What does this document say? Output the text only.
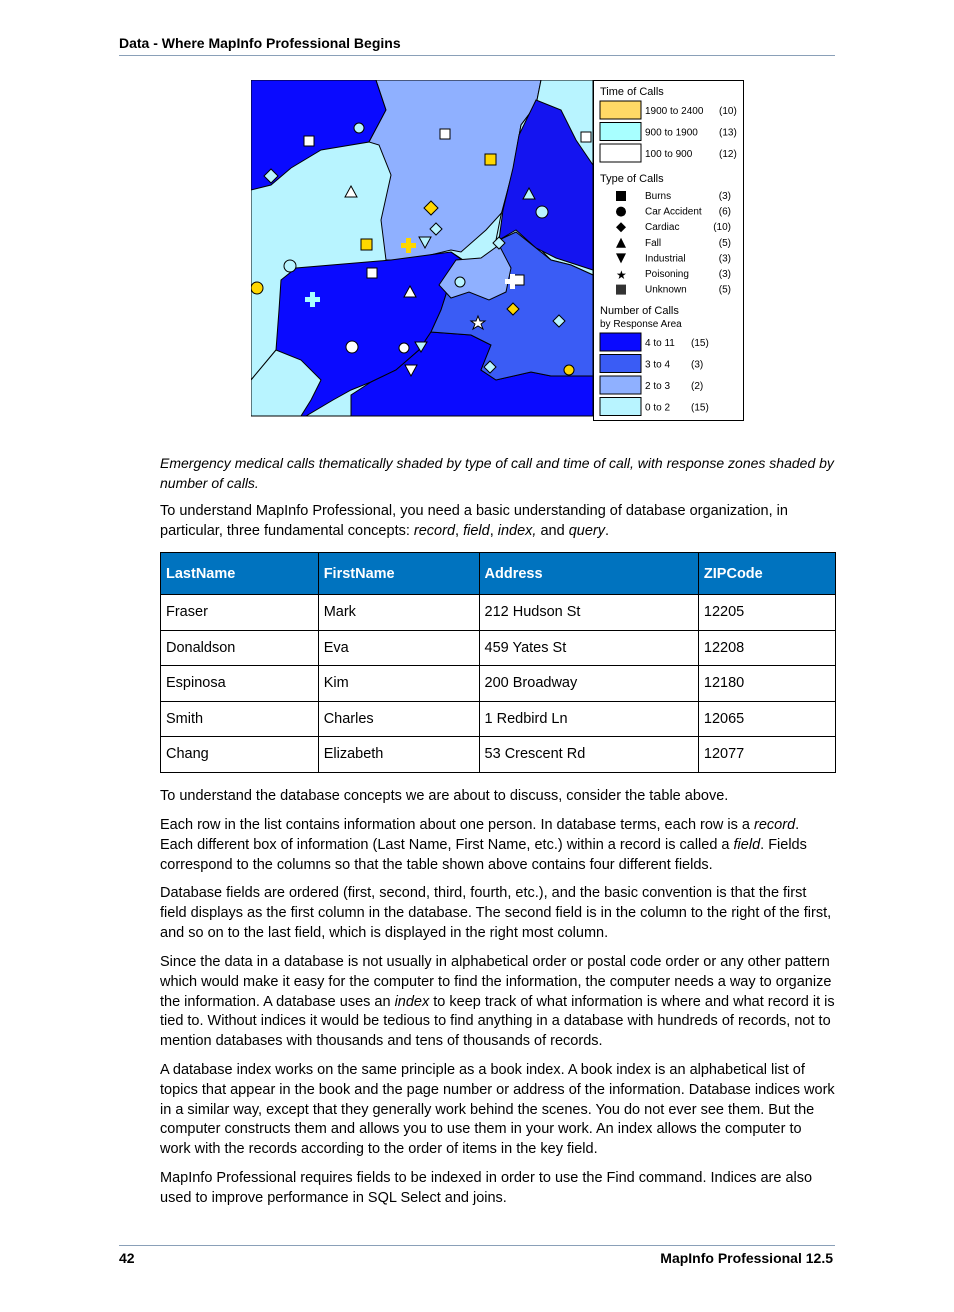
Data - Where MapInfo Professional Begins
Time of Calls
1900 to 2400 (10)
900 to 1900 (13)
100 to 900	(12)
Type of Calls
Burns	(3)
Car Accident (6)
Cardiac	(10)
Fall	(5)
Industrial	(3)
★ Poisoning	(3)
Unknown	(5)
Number of Calls
by Response Area
4 to 11 (15)
3 to 4 (3)
2 to 3 (2)
0 to 2 (15)
Emergency medical calls thematically shaded by type of call and time of call, with response zones shaded by number of calls.
To understand MapInfo Professional, you need a basic understanding of database organization, in particular, three fundamental concepts: record, field, index, and query.
LastName	FirstName	Address	ZIPCode
Fraser	Mark	212 Hudson St	12205
Donaldson	Eva	459 Yates St	12208
Espinosa	Kim	200 Broadway	12180
Smith	Charles	1 Redbird Ln	12065
Chang	Elizabeth	53 Crescent Rd	12077
To understand the database concepts we are about to discuss, consider the table above.
Each row in the list contains information about one person. In database terms, each row is a record. Each different box of information (Last Name, First Name, etc.) within a record is called a field. Fields correspond to the columns so that the table shown above contains four different fields.
Database fields are ordered (first, second, third, fourth, etc.), and the basic convention is that the first field displays as the first column in the database. The second field is in the column to the right of the first, and so on to the last field, which is displayed in the right most column.
Since the data in a database is not usually in alphabetical order or postal code order or any other pattern which would make it easy for the computer to find the information, the computer needs a way to organize the information. A database uses an index to keep track of what information is where and what record it is tied to. Without indices it would be tedious to find anything in a database with hundreds of records, not to mention databases with thousands and tens of thousands of records.
A database index works on the same principle as a book index. A book index is an alphabetical list of topics that appear in the book and the page number or address of the information. Database indices work in a similar way, except that they generally work behind the scenes. You do not ever see them. But the computer constructs them and allows you to use them in your work. An index allows the computer to work with the records according to the order of items in the key field.
MapInfo Professional requires fields to be indexed in order to use the Find command. Indices are also used to improve performance in SQL Select and joins.
42	MapInfo Professional 12.5
